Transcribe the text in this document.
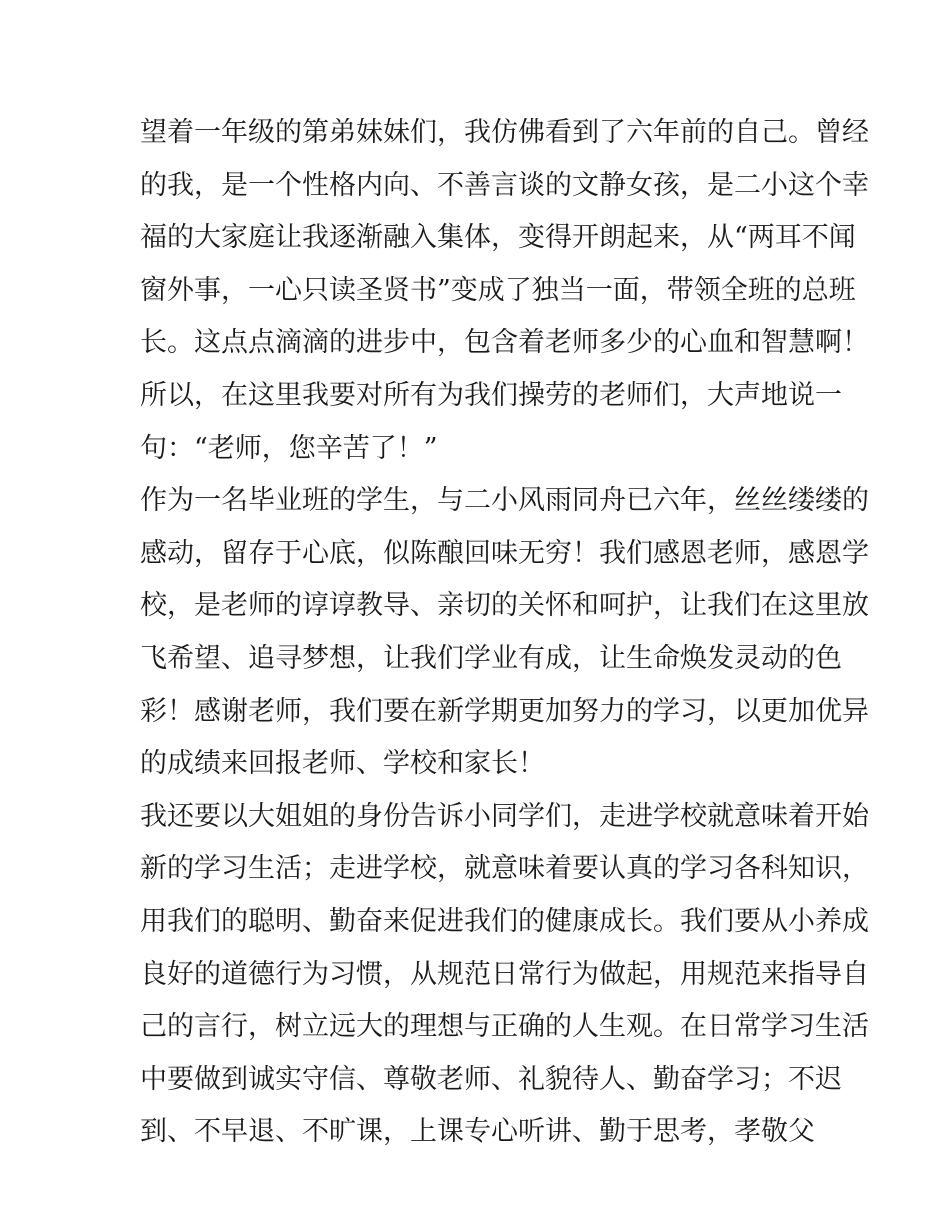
望着一年级的第弟妹妹们，我仿佛看到了六年前的自己。曾经
的我，是一个性格内向、不善言谈的文静女孩，是二小这个幸
福的大家庭让我逐渐融入集体，变得开朗起来，从“两耳不闻
窗外事，一心只读圣贤书”变成了独当一面，带领全班的总班
长。这点点滴滴的进步中，包含着老师多少的心血和智慧啊！
所以，在这里我要对所有为我们操劳的老师们，大声地说一
句：“老师，您辛苦了！”
作为一名毕业班的学生，与二小风雨同舟已六年，丝丝缕缕的
感动，留存于心底，似陈酿回味无穷！我们感恩老师，感恩学
校，是老师的谆谆教导、亲切的关怀和呵护，让我们在这里放
飞希望、追寻梦想，让我们学业有成，让生命焕发灵动的色
彩！感谢老师，我们要在新学期更加努力的学习，以更加优异
的成绩来回报老师、学校和家长！
我还要以大姐姐的身份告诉小同学们，走进学校就意味着开始
新的学习生活；走进学校，就意味着要认真的学习各科知识，
用我们的聪明、勤奋来促进我们的健康成长。我们要从小养成
良好的道德行为习惯，从规范日常行为做起，用规范来指导自
己的言行，树立远大的理想与正确的人生观。在日常学习生活
中要做到诚实守信、尊敬老师、礼貌待人、勤奋学习；不迟
到、不早退、不旷课，上课专心听讲、勤于思考，孝敬父
